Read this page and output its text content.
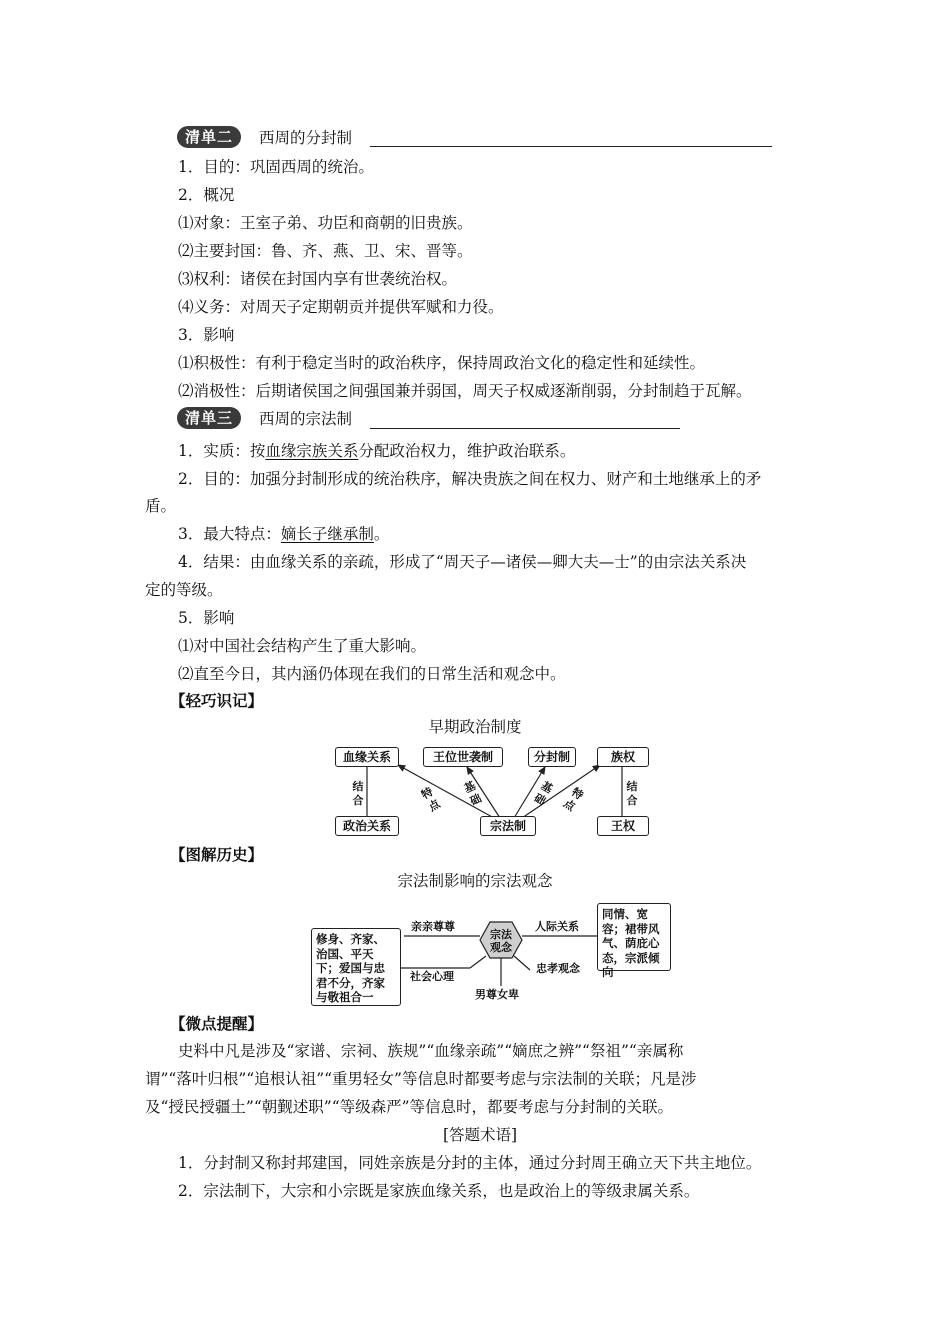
清单二	西周的分封制
1．目的：巩固西周的统治。
2．概况
⑴对象：王室子弟、功臣和商朝的旧贵族。
⑵主要封国：鲁、齐、燕、卫、宋、晋等。
⑶权利：诸侯在封国内享有世袭统治权。
⑷义务：对周天子定期朝贡并提供军赋和力役。
3．影响
⑴积极性：有利于稳定当时的政治秩序，保持周政治文化的稳定性和延续性。
⑵消极性：后期诸侯国之间强国兼并弱国，周天子权威逐渐削弱，分封制趋于瓦解。
清单三	西周的宗法制
1．实质：按血缘宗族关系分配政治权力，维护政治联系。
2．目的：加强分封制形成的统治秩序，解决贵族之间在权力、财产和土地继承上的矛
盾。
3．最大特点：嫡长子继承制。
4．结果：由血缘关系的亲疏，形成了“周天子—诸侯—卿大夫—士”的由宗法关系决
定的等级。
5．影响
⑴对中国社会结构产生了重大影响。
⑵直至今日，其内涵仍体现在我们的日常生活和观念中。
【轻巧识记】
早期政治制度
血缘关系	王位世袭制	分封制	族权
政治关系	宗法制	王权
结合
结合
特点
基础
基础	特点
【图解历史】
宗法制影响的宗法观念
修身、齐家、治国、平天下；爱国与忠君不分，齐家与敬祖合一
同情、宽容；裙带风气、荫庇心态，宗派倾向
宗法观念
亲亲尊尊
社会心理
男尊女卑
人际关系
忠孝观念
【微点提醒】
史料中凡是涉及“家谱、宗祠、族规”“血缘亲疏”“嫡庶之辨”“祭祖”“亲属称
谓”“落叶归根”“追根认祖”“重男轻女”等信息时都要考虑与宗法制的关联；凡是涉
及“授民授疆土”“朝觐述职”“等级森严”等信息时，都要考虑与分封制的关联。
[答题术语]
1．分封制又称封邦建国，同姓亲族是分封的主体，通过分封周王确立天下共主地位。
2．宗法制下，大宗和小宗既是家族血缘关系，也是政治上的等级隶属关系。
